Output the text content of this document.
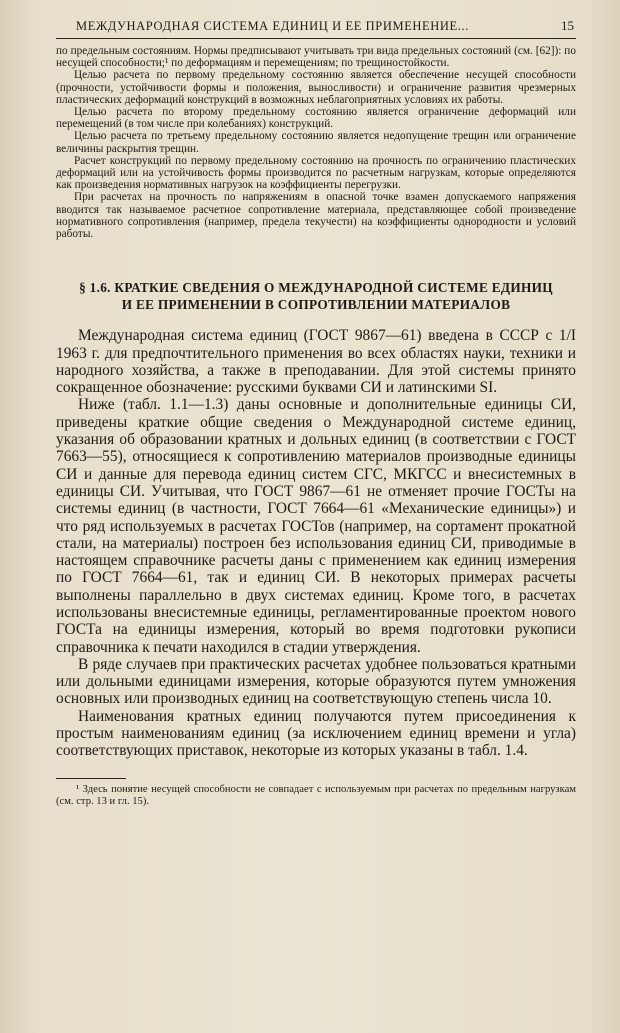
МЕЖДУНАРОДНАЯ СИСТЕМА ЕДИНИЦ И ЕЕ ПРИМЕНЕНИЕ...	15

по предельным состояниям. Нормы предписывают учитывать три вида предельных состояний (см. [62]): по несущей способности;¹ по деформациям и перемещениям; по трещиностойкости.

Целью расчета по первому предельному состоянию является обеспечение несущей способности (прочности, устойчивости формы и положения, выносливости) и ограничение развития чрезмерных пластических деформаций конструкций в возможных неблагоприятных условиях их работы.

Целью расчета по второму предельному состоянию является ограничение деформаций или перемещений (в том числе при колебаниях) конструкций.

Целью расчета по третьему предельному состоянию является недопущение трещин или ограничение величины раскрытия трещин.

Расчет конструкций по первому предельному состоянию на прочность по ограничению пластических деформаций или на устойчивость формы производится по расчетным нагрузкам, которые определяются как произведения нормативных нагрузок на коэффициенты перегрузки.

При расчетах на прочность по напряжениям в опасной точке взамен допускаемого напряжения вводится так называемое расчетное сопротивление материала, представляющее собой произведение нормативного сопротивления (например, предела текучести) на коэффициенты однородности и условий работы.

§ 1.6. КРАТКИЕ СВЕДЕНИЯ О МЕЖДУНАРОДНОЙ СИСТЕМЕ ЕДИНИЦ
И ЕЕ ПРИМЕНЕНИИ В СОПРОТИВЛЕНИИ МАТЕРИАЛОВ

Международная система единиц (ГОСТ 9867—61) введена в СССР с 1/I 1963 г. для предпочтительного применения во всех областях науки, техники и народного хозяйства, а также в преподавании. Для этой системы принято сокращенное обозначение: русскими буквами СИ и латинскими SI.

Ниже (табл. 1.1—1.3) даны основные и дополнительные единицы СИ, приведены краткие общие сведения о Международной системе единиц, указания об образовании кратных и дольных единиц (в соответствии с ГОСТ 7663—55), относящиеся к сопротивлению материалов производные единицы СИ и данные для перевода единиц систем СГС, МКГСС и внесистемных в единицы СИ. Учитывая, что ГОСТ 9867—61 не отменяет прочие ГОСТы на системы единиц (в частности, ГОСТ 7664—61 «Механические единицы») и что ряд используемых в расчетах ГОСТов (например, на сортамент прокатной стали, на материалы) построен без использования единиц СИ, приводимые в настоящем справочнике расчеты даны с применением как единиц измерения по ГОСТ 7664—61, так и единиц СИ. В некоторых примерах расчеты выполнены параллельно в двух системах единиц. Кроме того, в расчетах использованы внесистемные единицы, регламентированные проектом нового ГОСТа на единицы измерения, который во время подготовки рукописи справочника к печати находился в стадии утверждения.

В ряде случаев при практических расчетах удобнее пользоваться кратными или дольными единицами измерения, которые образуются путем умножения основных или производных единиц на соответствующую степень числа 10.

Наименования кратных единиц получаются путем присоединения к простым наименованиям единиц (за исключением единиц времени и угла) соответствующих приставок, некоторые из которых указаны в табл. 1.4.

¹ Здесь понятие несущей способности не совпадает с используемым при расчетах по предельным нагрузкам (см. стр. 13 и гл. 15).
